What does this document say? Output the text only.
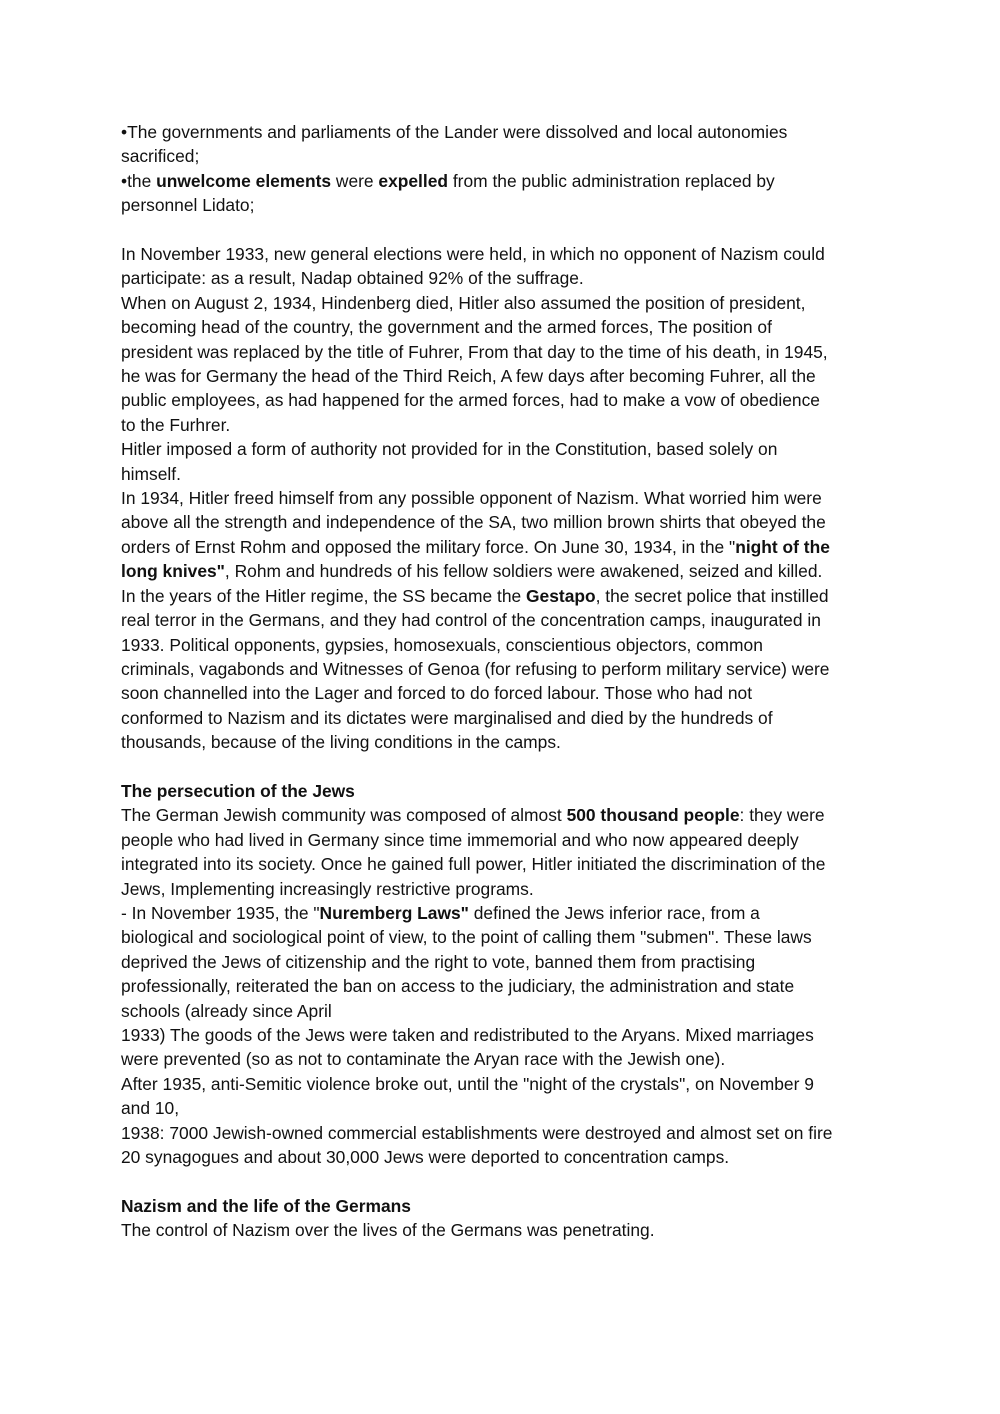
•The governments and parliaments of the Lander were dissolved and local autonomies
sacrificed;
•the unwelcome elements were expelled from the public administration replaced by
personnel Lidato;
In November 1933, new general elections were held, in which no opponent of Nazism could
participate: as a result, Nadap obtained 92% of the suffrage.
When on August 2, 1934, Hindenberg died, Hitler also assumed the position of president,
becoming head of the country, the government and the armed forces, The position of
president was replaced by the title of Fuhrer, From that day to the time of his death, in 1945,
he was for Germany the head of the Third Reich, A few days after becoming Fuhrer, all the
public employees, as had happened for the armed forces, had to make a vow of obedience
to the Furhrer.
Hitler imposed a form of authority not provided for in the Constitution, based solely on
himself.
In 1934, Hitler freed himself from any possible opponent of Nazism. What worried him were
above all the strength and independence of the SA, two million brown shirts that obeyed the
orders of Ernst Rohm and opposed the military force. On June 30, 1934, in the "night of the
long knives", Rohm and hundreds of his fellow soldiers were awakened, seized and killed.
In the years of the Hitler regime, the SS became the Gestapo, the secret police that instilled
real terror in the Germans, and they had control of the concentration camps, inaugurated in
1933. Political opponents, gypsies, homosexuals, conscientious objectors, common
criminals, vagabonds and Witnesses of Genoa (for refusing to perform military service) were
soon channelled into the Lager and forced to do forced labour. Those who had not
conformed to Nazism and its dictates were marginalised and died by the hundreds of
thousands, because of the living conditions in the camps.
The persecution of the Jews
The German Jewish community was composed of almost 500 thousand people: they were
people who had lived in Germany since time immemorial and who now appeared deeply
integrated into its society. Once he gained full power, Hitler initiated the discrimination of the
Jews, Implementing increasingly restrictive programs.
- In November 1935, the "Nuremberg Laws" defined the Jews inferior race, from a
biological and sociological point of view, to the point of calling them "submen". These laws
deprived the Jews of citizenship and the right to vote, banned them from practising
professionally, reiterated the ban on access to the judiciary, the administration and state
schools (already since April
1933) The goods of the Jews were taken and redistributed to the Aryans. Mixed marriages
were prevented (so as not to contaminate the Aryan race with the Jewish one).
After 1935, anti-Semitic violence broke out, until the "night of the crystals", on November 9
and 10,
1938: 7000 Jewish-owned commercial establishments were destroyed and almost set on fire
20 synagogues and about 30,000 Jews were deported to concentration camps.
Nazism and the life of the Germans
The control of Nazism over the lives of the Germans was penetrating.
